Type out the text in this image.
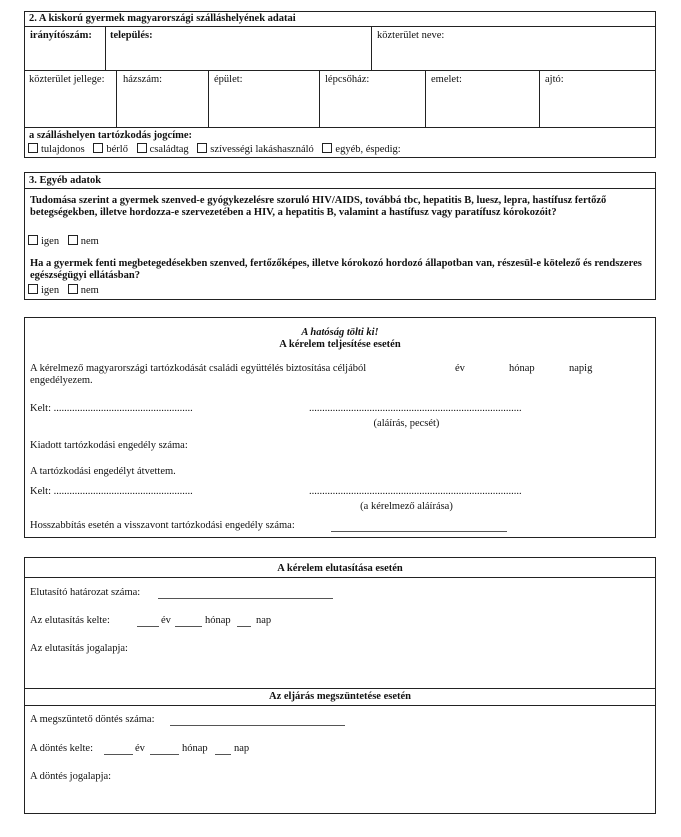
2. A kiskorú gyermek magyarországi szálláshelyének adatai
irányítószám: település:	közterület neve:
közterület jellege:	házszám:	épület:	lépcsőház:	emelet:	ajtó:
a szálláshelyen tartózkodás jogcíme:
tulajdonos bérlő családtag szívességi lakáshasználó egyéb, éspedig:
3. Egyéb adatok
Tudomása szerint a gyermek szenved-e gyógykezelésre szoruló HIV/AIDS, továbbá tbc, hepatitis B, luesz, lepra, hastífusz fertőző betegségekben, illetve hordozza-e szervezetében a HIV, a hepatitis B, valamint a hastífusz vagy paratífusz kórokozóit?
igen nem
Ha a gyermek fenti megbetegedésekben szenved, fertőzőképes, illetve kórokozó hordozó állapotban van, részesül-e kötelező és rendszeres egészségügyi ellátásban?
igen nem
A hatóság tölti ki!
A kérelem teljesítése esetén
A kérelmező magyarországi tartózkodását családi együttélés biztosítása céljából	év	hónap	napig
engedélyezem.
Kelt: .....................................................	.................................................................................
(aláírás, pecsét)
Kiadott tartózkodási engedély száma:
A tartózkodási engedélyt átvettem.
Kelt: .....................................................	.................................................................................
(a kérelmező aláírása)
Hosszabbítás esetén a visszavont tartózkodási engedély száma:
A kérelem elutasítása esetén
Elutasító határozat száma:
Az elutasítás kelte:	év	hónap nap
Az elutasítás jogalapja:
Az eljárás megszüntetése esetén
A megszüntető döntés száma:
A döntés kelte:	év	hónap	nap
A döntés jogalapja:
